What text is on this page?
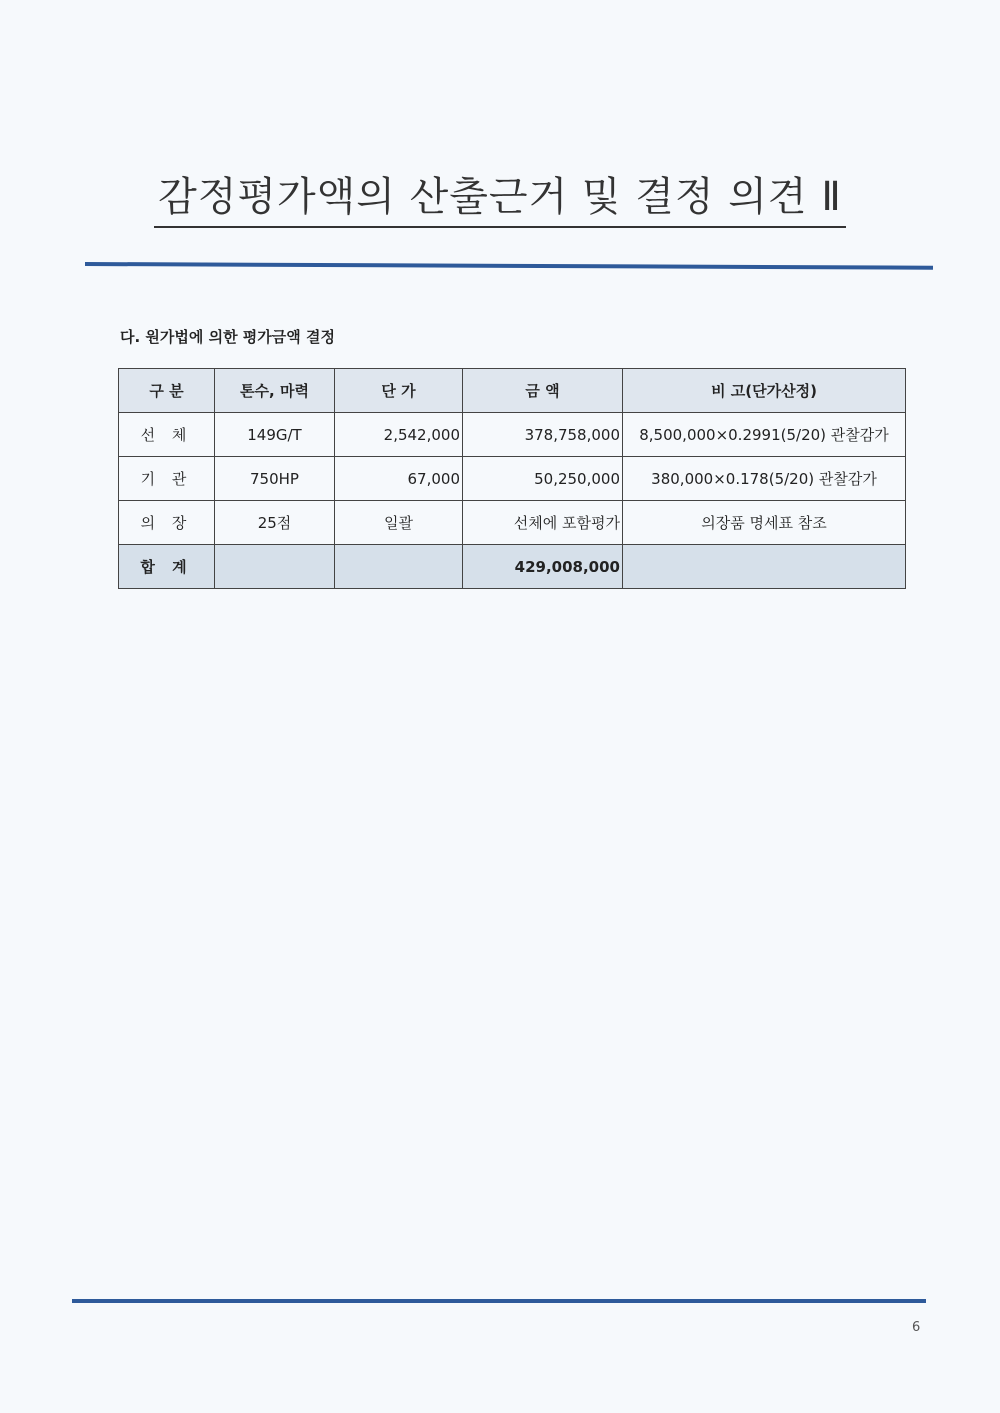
감정평가액의 산출근거 및 결정 의견 Ⅱ
다. 원가법에 의한 평가금액 결정
구 분	톤수, 마력	단 가	금 액	비 고(단가산정)
선 체	149G/T	2,542,000	378,758,000	8,500,000×0.2991(5/20) 관찰감가
기 관	750HP	67,000	50,250,000	380,000×0.178(5/20) 관찰감가
의 장	25점	일괄	선체에 포함평가	의장품 명세표 참조
합 계			429,008,000	
6
